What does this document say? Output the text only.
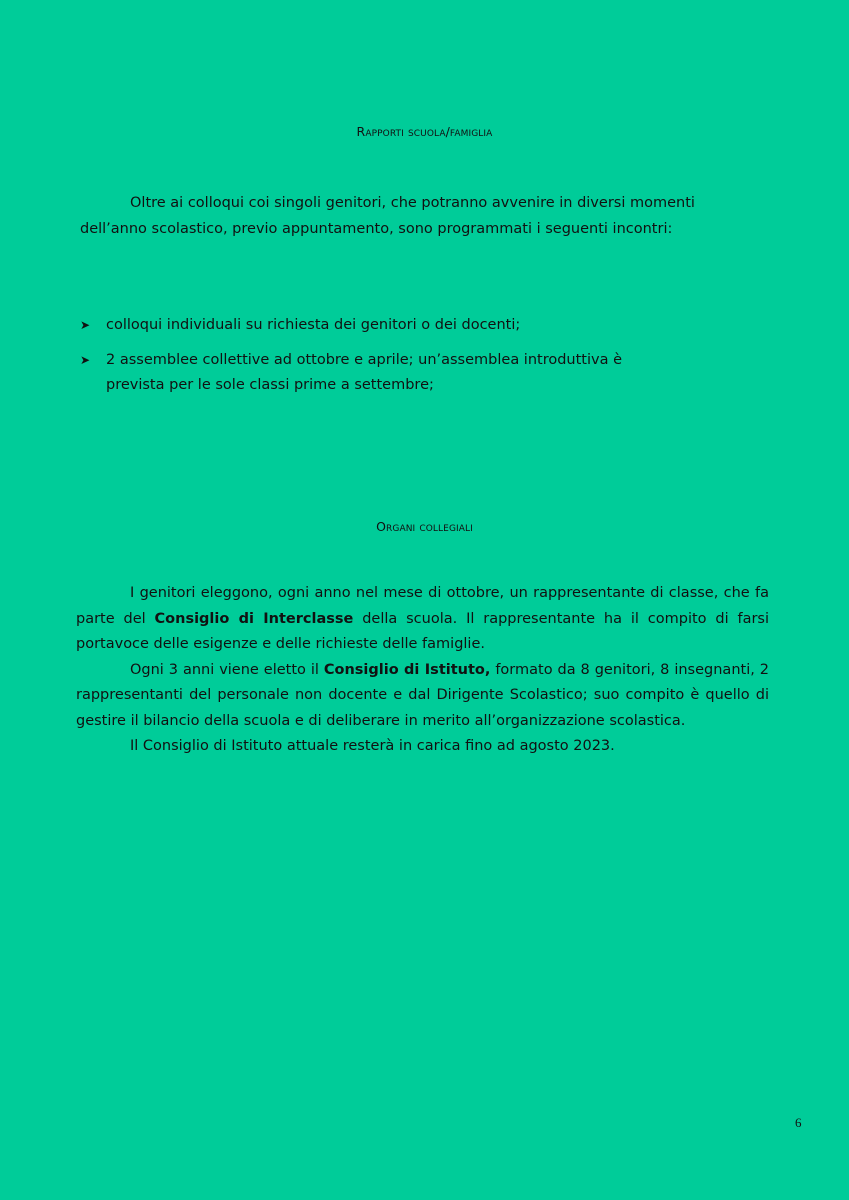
Rapporti scuola/famiglia
Oltre ai colloqui coi singoli genitori, che potranno avvenire in diversi momenti
dell’anno scolastico, previo appuntamento, sono programmati i seguenti incontri:
➤ colloqui individuali su richiesta dei genitori o dei docenti;
➤ 2 assemblee collettive ad ottobre e aprile; un’assemblea introduttiva è
prevista per le sole classi prime a settembre;
Organi collegiali

I genitori eleggono, ogni anno nel mese di ottobre, un rappresentante di classe, che fa parte del Consiglio di Interclasse della scuola. Il rappresentante ha il compito di farsi portavoce delle esigenze e delle richieste delle famiglie.

Ogni 3 anni viene eletto il Consiglio di Istituto, formato da 8 genitori, 8 insegnanti, 2 rappresentanti del personale non docente e dal Dirigente Scolastico; suo compito è quello di gestire il bilancio della scuola e di deliberare in merito all’organizzazione scolastica.

Il Consiglio di Istituto attuale resterà in carica fino ad agosto 2023.

6
